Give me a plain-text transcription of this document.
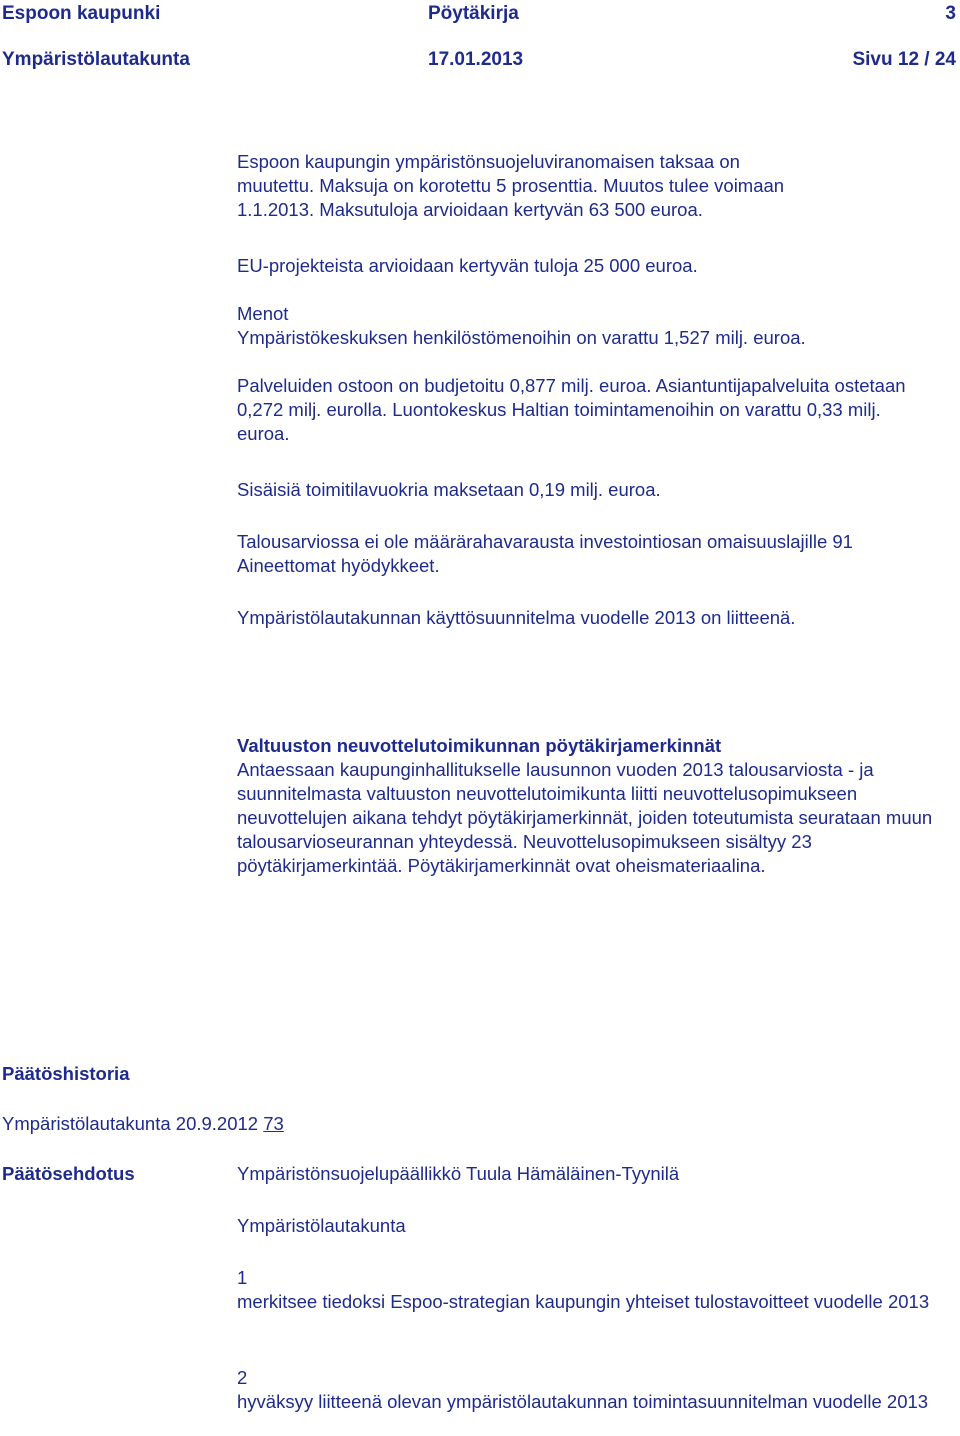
Espoon kaupunki	Pöytäkirja	3
Ympäristölautakunta	17.01.2013	Sivu 12 / 24

Espoon kaupungin ympäristönsuojeluviranomaisen taksaa on muutettu. Maksuja on korotettu 5 prosenttia. Muutos tulee voimaan 1.1.2013. Maksutuloja arvioidaan kertyvän 63 500 euroa.

EU-projekteista arvioidaan kertyvän tuloja 25 000 euroa.
Menot
Ympäristökeskuksen henkilöstömenoihin on varattu 1,527 milj. euroa.
Palveluiden ostoon on budjetoitu 0,877 milj. euroa. Asiantuntijapalveluita ostetaan 0,272 milj. eurolla. Luontokeskus Haltian toimintamenoihin on varattu 0,33 milj. euroa.
Sisäisiä toimitilavuokria maksetaan 0,19 milj. euroa.
Talousarviossa ei ole määrärahavarausta investointiosan omaisuuslajille 91 Aineettomat hyödykkeet.
Ympäristölautakunnan käyttösuunnitelma vuodelle 2013 on liitteenä.
Valtuuston neuvottelutoimikunnan pöytäkirjamerkinnät
Antaessaan kaupunginhallitukselle lausunnon vuoden 2013 talousarviosta - ja suunnitelmasta valtuuston neuvottelutoimikunta liitti neuvottelusopimukseen neuvottelujen aikana tehdyt pöytäkirjamerkinnät, joiden toteutumista seurataan muun talousarvioseurannan yhteydessä. Neuvottelusopimukseen sisältyy 23 pöytäkirjamerkintää. Pöytäkirjamerkinnät ovat oheismateriaalina.
Päätöshistoria
Ympäristölautakunta 20.9.2012 73
Päätösehdotus	Ympäristönsuojelupäällikkö Tuula Hämäläinen-Tyynilä
Ympäristölautakunta
1
merkitsee tiedoksi Espoo-strategian kaupungin yhteiset tulostavoitteet vuodelle 2013
2
hyväksyy liitteenä olevan ympäristölautakunnan toimintasuunnitelman vuodelle 2013
